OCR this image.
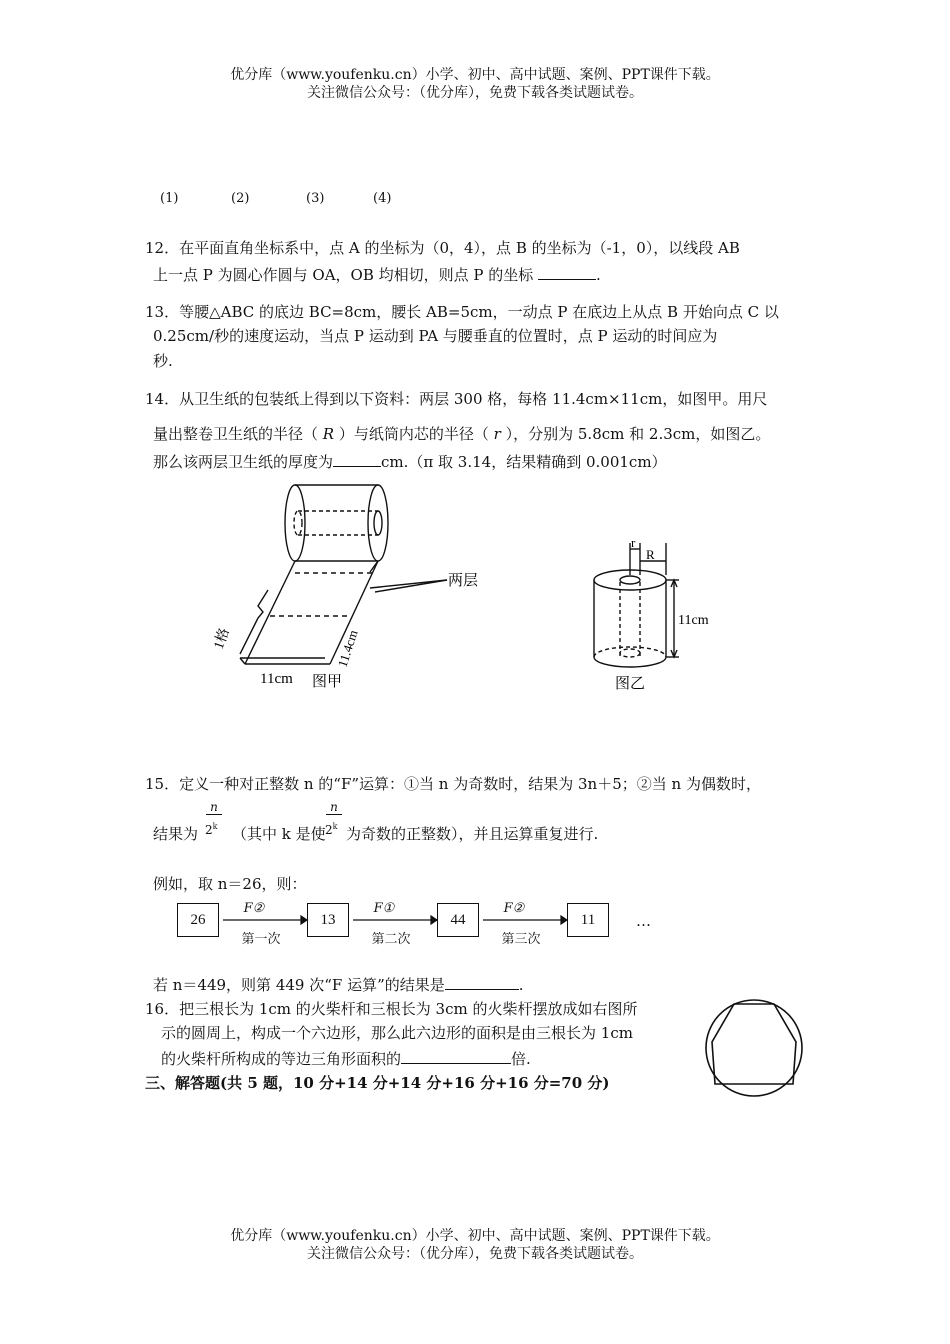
优分库（www.youfenku.cn）小学、初中、高中试题、案例、PPT课件下载。
关注微信公众号：（优分库），免费下载各类试题试卷。
(1)	(2)	(3)	(4)
12．在平面直角坐标系中，点 A 的坐标为（0，4），点 B 的坐标为（-1，0），以线段 AB
上一点 P 为圆心作圆与 OA，OB 均相切，则点 P 的坐标	.
13．等腰△ABC 的底边 BC=8cm，腰长 AB=5cm，一动点 P 在底边上从点 B 开始向点 C 以
0.25cm/秒的速度运动，当点 P 运动到 PA 与腰垂直的位置时，点 P 运动的时间应为
秒.
14．从卫生纸的包装纸上得到以下资料：两层 300 格，每格 11.4cm×11cm，如图甲。用尺
量出整卷卫生纸的半径（ R ）与纸筒内芯的半径（ r ），分别为 5.8cm 和 2.3cm，如图乙。
那么该两层卫生纸的厚度为	cm.（π 取 3.14，结果精确到 0.001cm）
两层
1格
11cm
11.4cm
图甲
r
R
11cm
图乙
15．定义一种对正整数 n 的“F”运算：①当 n 为奇数时，结果为 3n＋5；②当 n 为偶数时，
结果为
n
2$^k$ （其中 k 是使
n
2$^k$ 为奇数的正整数），并且运算重复进行.
例如，取 n＝26，则：
26	13	44	11
F②	F①	F②
第一次	第二次	第三次
…
若 n＝449，则第 449 次“F 运算”的结果是	.
16．把三根长为 1cm 的火柴杆和三根长为 3cm 的火柴杆摆放成如右图所
示的圆周上，构成一个六边形，那么此六边形的面积是由三根长为 1cm
的火柴杆所构成的等边三角形面积的	倍.
三、解答题(共 5 题，10 分+14 分+14 分+16 分+16 分=70 分)
优分库（www.youfenku.cn）小学、初中、高中试题、案例、PPT课件下载。
关注微信公众号：（优分库），免费下载各类试题试卷。
